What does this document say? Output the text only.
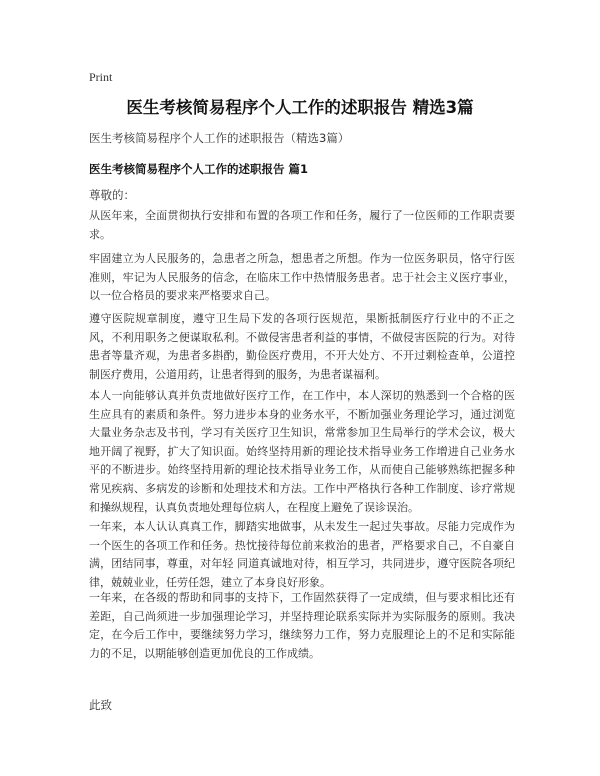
Print
医生考核简易程序个人工作的述职报告 精选3篇
医生考核简易程序个人工作的述职报告（精选3篇）
医生考核简易程序个人工作的述职报告 篇1
尊敬的：
从医年来，全面贯彻执行安排和布置的各项工作和任务，履行了一位医师的工作职责要求。
牢固建立为人民服务的，急患者之所急，想患者之所想。作为一位医务职员，恪守行医准则，牢记为人民服务的信念，在临床工作中热情服务患者。忠于社会主义医疗事业，以一位合格员的要求来严格要求自己。
遵守医院规章制度，遵守卫生局下发的各项行医规范，果断抵制医疗行业中的不正之风，不利用职务之便谋取私利。不做侵害患者利益的事情，不做侵害医院的行为。对待患者等量齐观，为患者多斟酌，勤俭医疗费用，不开大处方、不开过剩检查单，公道控制医疗费用，公道用药，让患者得到的服务，为患者谋福利。
本人一向能够认真并负责地做好医疗工作，在工作中，本人深切的熟悉到一个合格的医生应具有的素质和条件。努力进步本身的业务水平，不断加强业务理论学习，通过浏览大量业务杂志及书刊，学习有关医疗卫生知识，常常参加卫生局举行的学术会议，极大地开阔了视野，扩大了知识面。始终坚持用新的理论技术指导业务工作增进自己业务水平的不断进步。始终坚持用新的理论技术指导业务工作，从而使自己能够熟练把握多种常见疾病、多病发的诊断和处理技术和方法。工作中严格执行各种工作制度、诊疗常规和操纵规程，认真负责地处理每位病人，在程度上避免了误诊误治。
一年来，本人认认真真工作，脚踏实地做事，从未发生一起过失事故。尽能力完成作为一个医生的各项工作和任务。热忱接待每位前来救治的患者，严格要求自己，不自豪自满，团结同事，尊重，对年轻 同道真诚地对待，相互学习，共同进步，遵守医院各项纪律，兢兢业业，任劳任怨，建立了本身良好形象。
一年来，在各级的帮助和同事的支持下，工作固然获得了一定成绩，但与要求相比还有差距，自己尚须进一步加强理论学习，并坚持理论联系实际并为实际服务的原则。我决定，在今后工作中，要继续努力学习，继续努力工作，努力克服理论上的不足和实际能力的不足，以期能够创造更加优良的工作成绩。
此致
